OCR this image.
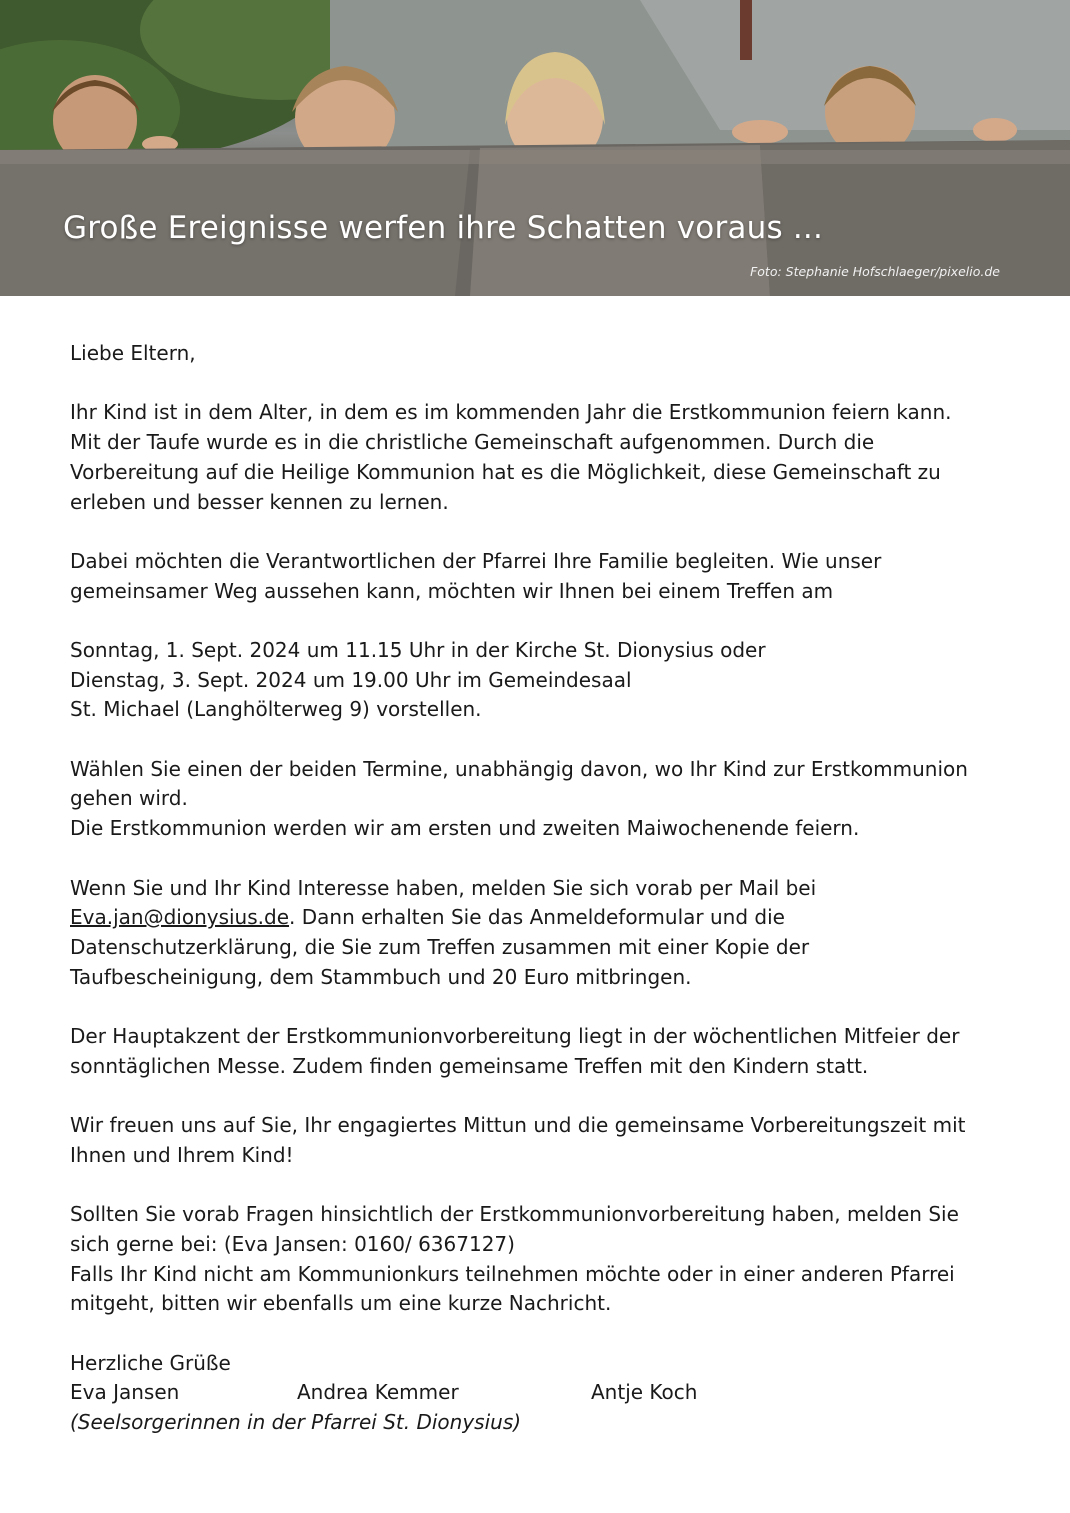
Große Ereignisse werfen ihre Schatten voraus ...
Foto: Stephanie Hofschlaeger/pixelio.de

Liebe Eltern,

Ihr Kind ist in dem Alter, in dem es im kommenden Jahr die Erstkommunion feiern kann.
Mit der Taufe wurde es in die christliche Gemeinschaft aufgenommen. Durch die
Vorbereitung auf die Heilige Kommunion hat es die Möglichkeit, diese Gemeinschaft zu
erleben und besser kennen zu lernen.

Dabei möchten die Verantwortlichen der Pfarrei Ihre Familie begleiten. Wie unser
gemeinsamer Weg aussehen kann, möchten wir Ihnen bei einem Treffen am

Sonntag, 1. Sept. 2024 um 11.15 Uhr in der Kirche St. Dionysius oder
Dienstag, 3. Sept. 2024 um 19.00 Uhr im Gemeindesaal
St. Michael (Langhölterweg 9) vorstellen.

Wählen Sie einen der beiden Termine, unabhängig davon, wo Ihr Kind zur Erstkommunion
gehen wird.
Die Erstkommunion werden wir am ersten und zweiten Maiwochenende feiern.

Wenn Sie und Ihr Kind Interesse haben, melden Sie sich vorab per Mail bei
Eva.jan@dionysius.de. Dann erhalten Sie das Anmeldeformular und die
Datenschutzerklärung, die Sie zum Treffen zusammen mit einer Kopie der
Taufbescheinigung, dem Stammbuch und 20 Euro mitbringen.

Der Hauptakzent der Erstkommunionvorbereitung liegt in der wöchentlichen Mitfeier der
sonntäglichen Messe. Zudem finden gemeinsame Treffen mit den Kindern statt.

Wir freuen uns auf Sie, Ihr engagiertes Mittun und die gemeinsame Vorbereitungszeit mit
Ihnen und Ihrem Kind!

Sollten Sie vorab Fragen hinsichtlich der Erstkommunionvorbereitung haben, melden Sie
sich gerne bei: (Eva Jansen: 0160/ 6367127)
Falls Ihr Kind nicht am Kommunionkurs teilnehmen möchte oder in einer anderen Pfarrei
mitgeht, bitten wir ebenfalls um eine kurze Nachricht.

Herzliche Grüße
Eva Jansen	Andrea Kemmer	Antje Koch
(Seelsorgerinnen in der Pfarrei St. Dionysius)
